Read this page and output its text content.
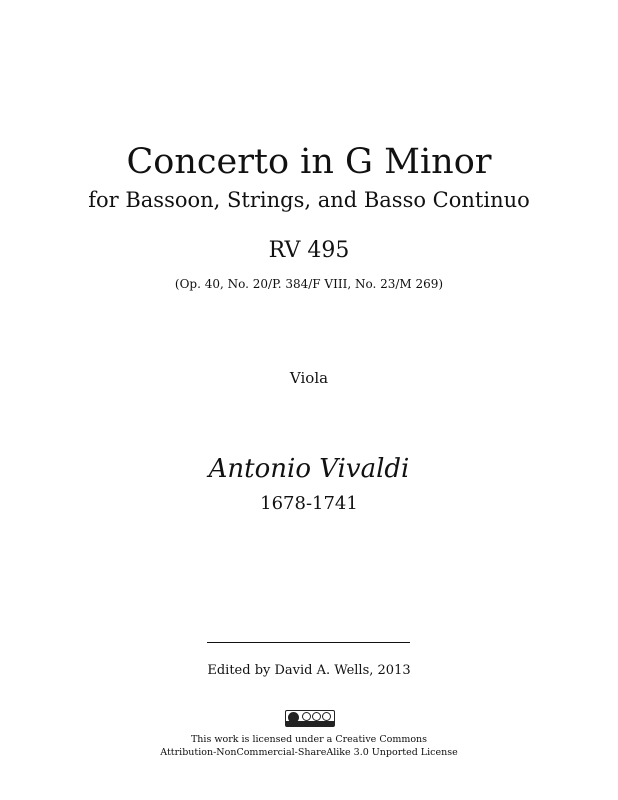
Concerto in G Minor
for Bassoon, Strings, and Basso Continuo
RV 495
(Op. 40, No. 20/P. 384/F VIII, No. 23/M 269)
Viola
Antonio Vivaldi
1678-1741
Edited by David A. Wells, 2013
This work is licensed under a Creative Commons
Attribution-NonCommercial-ShareAlike 3.0 Unported License
